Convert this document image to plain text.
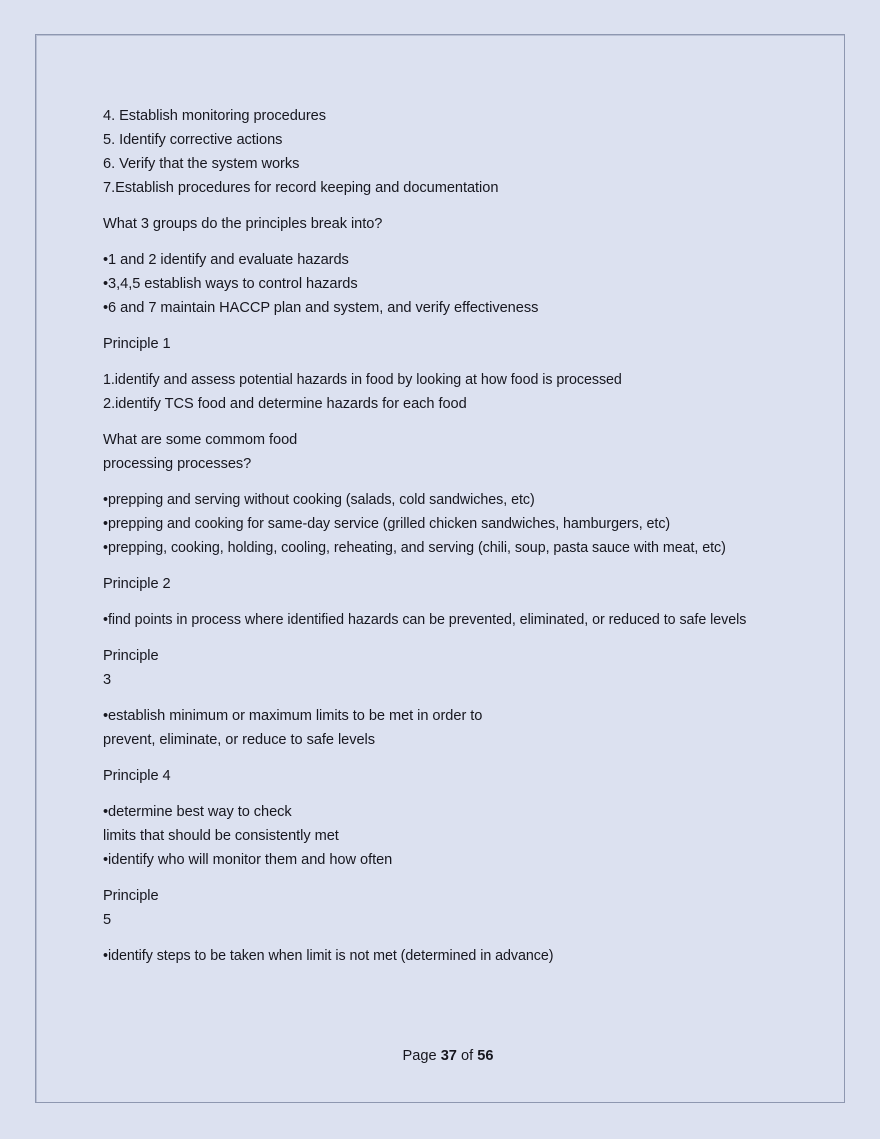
4. Establish monitoring procedures
5. Identify corrective actions
6. Verify that the system works
7.Establish procedures for record keeping and documentation
What 3 groups do the principles break into?
•1 and 2 identify and evaluate hazards
•3,4,5 establish ways to control hazards
•6 and 7 maintain HACCP plan and system, and verify effectiveness
Principle 1
1.identify and assess potential hazards in food by looking at how food is processed
2.identify TCS food and determine hazards for each food
What are some commom food
processing processes?
•prepping and serving without cooking (salads, cold sandwiches, etc)
•prepping and cooking for same-day service (grilled chicken sandwiches, hamburgers, etc)
•prepping, cooking, holding, cooling, reheating, and serving (chili, soup, pasta sauce with meat, etc)
Principle 2
•find points in process where identified hazards can be prevented, eliminated, or reduced to safe levels
Principle
3
•establish minimum or maximum limits to be met in order to
prevent, eliminate, or reduce to safe levels
Principle 4
•determine best way to check
limits that should be consistently met
•identify who will monitor them and how often
Principle
5
•identify steps to be taken when limit is not met (determined in advance)
Page 37 of 56
